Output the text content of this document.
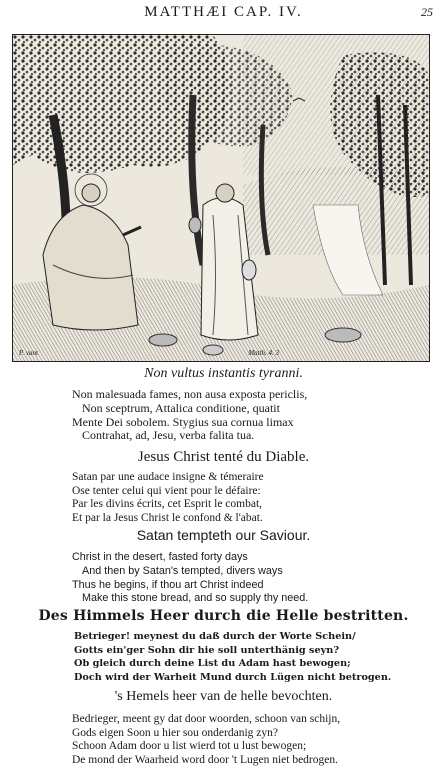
MATTHÆI CAP. IV.	25
P. vant	Matth. 4. 3
Non vultus instantis tyranni.
Non malesuada fames, non ausa exposta periclis,
Non sceptrum, Attalica conditione, quatit
Mente Dei sobolem. Stygius sua cornua limax
Contrahat, ad, Jesu, verba falita tua.
Jesus Christ tenté du Diable.
Satan par une audace insigne & témeraire
Ose tenter celui qui vient pour le défaire:
Par les divins écrits, cet Esprit le combat,
Et par la Jesus Christ le confond & l'abat.
Satan tempteth our Saviour.
Christ in the desert, fasted forty days
And then by Satan's tempted, divers ways
Thus he begins, if thou art Christ indeed
Make this stone bread, and so supply thy need.
Des Himmels Heer durch die Helle bestritten.
Betrieger! meynest du daß durch der Worte Schein/
Gotts ein'ger Sohn dir hie soll unterthänig seyn?
Ob gleich durch deine List du Adam hast bewogen;
Doch wird der Warheit Mund durch Lügen nicht betrogen.
's Hemels heer van de helle bevochten.
Bedrieger, meent gy dat door woorden, schoon van schijn,
Gods eigen Soon u hier sou onderdanig zyn?
Schoon Adam door u list wierd tot u lust bewogen;
De mond der Waarheid word door 't Lugen niet bedrogen.
